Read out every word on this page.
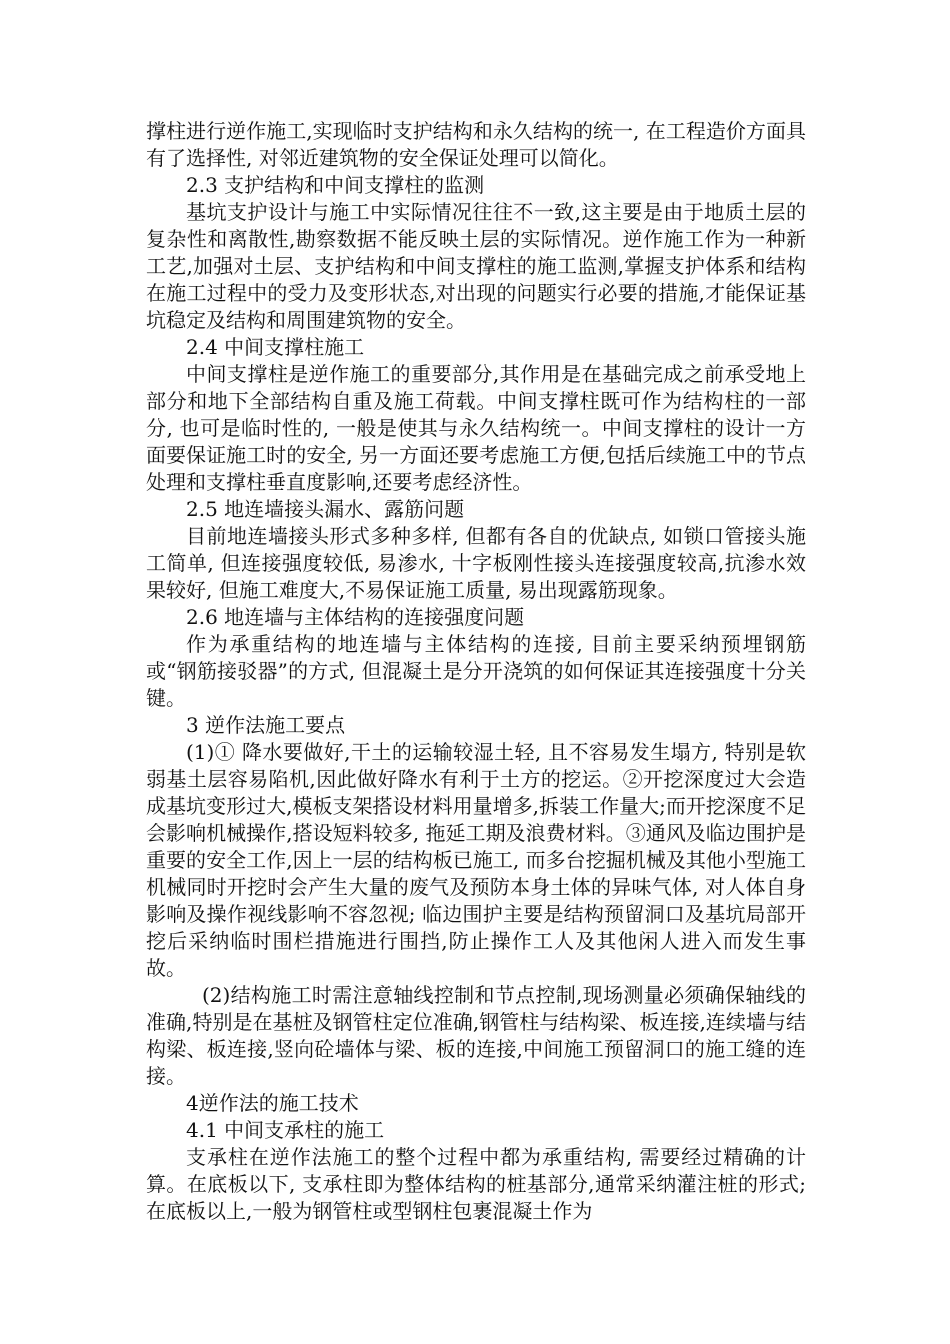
撑柱进行逆作施工,实现临时支护结构和永久结构的统一, 在工程造价方面具有了选择性, 对邻近建筑物的安全保证处理可以简化。

2.3 支护结构和中间支撑柱的监测

基坑支护设计与施工中实际情况往往不一致,这主要是由于地质土层的复杂性和离散性,勘察数据不能反映土层的实际情况。逆作施工作为一种新工艺,加强对土层、支护结构和中间支撑柱的施工监测,掌握支护体系和结构在施工过程中的受力及变形状态,对出现的问题实行必要的措施,才能保证基坑稳定及结构和周围建筑物的安全。

2.4 中间支撑柱施工

中间支撑柱是逆作施工的重要部分,其作用是在基础完成之前承受地上部分和地下全部结构自重及施工荷载。中间支撑柱既可作为结构柱的一部分, 也可是临时性的, 一般是使其与永久结构统一。中间支撑柱的设计一方面要保证施工时的安全, 另一方面还要考虑施工方便,包括后续施工中的节点处理和支撑柱垂直度影响,还要考虑经济性。

2.5 地连墙接头漏水、露筋问题

目前地连墙接头形式多种多样, 但都有各自的优缺点, 如锁口管接头施工简单, 但连接强度较低, 易渗水, 十字板刚性接头连接强度较高,抗渗水效果较好, 但施工难度大,不易保证施工质量, 易出现露筋现象。

2.6 地连墙与主体结构的连接强度问题

作为承重结构的地连墙与主体结构的连接, 目前主要采纳预埋钢筋或“钢筋接驳器”的方式, 但混凝土是分开浇筑的如何保证其连接强度十分关键。

3 逆作法施工要点

(1)① 降水要做好,干土的运输较湿土轻, 且不容易发生塌方, 特别是软弱基土层容易陷机,因此做好降水有利于土方的挖运。②开挖深度过大会造成基坑变形过大,模板支架搭设材料用量增多,拆装工作量大;而开挖深度不足会影响机械操作,搭设短料较多, 拖延工期及浪费材料。③通风及临边围护是重要的安全工作,因上一层的结构板已施工, 而多台挖掘机械及其他小型施工机械同时开挖时会产生大量的废气及预防本身土体的异味气体, 对人体自身影响及操作视线影响不容忽视; 临边围护主要是结构预留洞口及基坑局部开挖后采纳临时围栏措施进行围挡,防止操作工人及其他闲人进入而发生事故。

(2)结构施工时需注意轴线控制和节点控制,现场测量必须确保轴线的准确,特别是在基桩及钢管柱定位准确,钢管柱与结构梁、板连接,连续墙与结构梁、板连接,竖向砼墙体与梁、板的连接,中间施工预留洞口的施工缝的连接。

4逆作法的施工技术

4.1 中间支承柱的施工

支承柱在逆作法施工的整个过程中都为承重结构, 需要经过精确的计算。在底板以下, 支承柱即为整体结构的桩基部分,通常采纳灌注桩的形式;在底板以上,一般为钢管柱或型钢柱包裹混凝土作为
